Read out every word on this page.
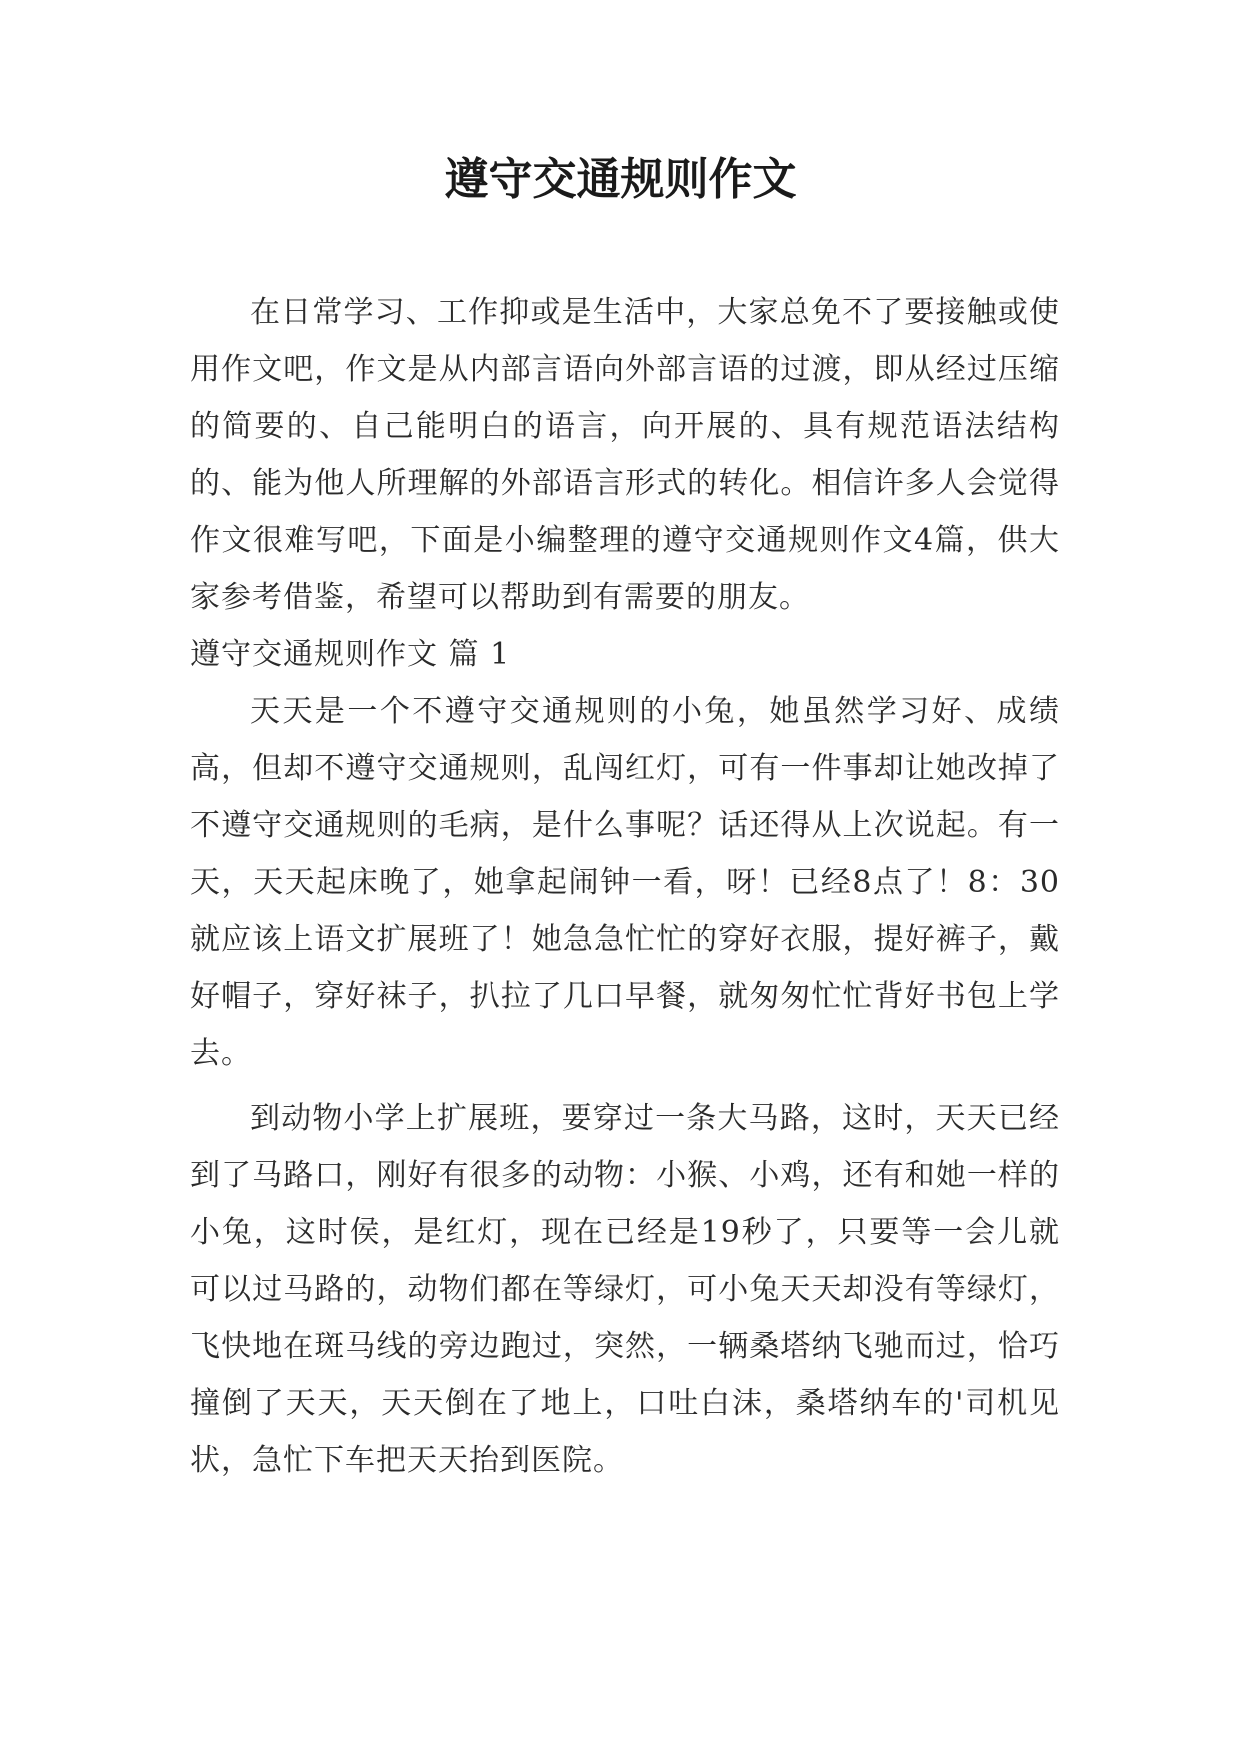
遵守交通规则作文

在日常学习、工作抑或是生活中，大家总免不了要接触或使用作文吧，作文是从内部言语向外部言语的过渡，即从经过压缩的简要的、自己能明白的语言，向开展的、具有规范语法结构的、能为他人所理解的外部语言形式的转化。相信许多人会觉得作文很难写吧，下面是小编整理的遵守交通规则作文4篇，供大家参考借鉴，希望可以帮助到有需要的朋友。

遵守交通规则作文 篇 1

天天是一个不遵守交通规则的小兔，她虽然学习好、成绩高，但却不遵守交通规则，乱闯红灯，可有一件事却让她改掉了不遵守交通规则的毛病，是什么事呢？话还得从上次说起。有一天，天天起床晚了，她拿起闹钟一看，呀！已经8点了！8：30就应该上语文扩展班了！她急急忙忙的穿好衣服，提好裤子，戴好帽子，穿好袜子，扒拉了几口早餐，就匆匆忙忙背好书包上学去。

到动物小学上扩展班，要穿过一条大马路，这时，天天已经到了马路口，刚好有很多的动物：小猴、小鸡，还有和她一样的小兔，这时侯，是红灯，现在已经是19秒了，只要等一会儿就可以过马路的，动物们都在等绿灯，可小兔天天却没有等绿灯，飞快地在斑马线的旁边跑过，突然，一辆桑塔纳飞驰而过，恰巧撞倒了天天，天天倒在了地上，口吐白沫，桑塔纳车的'司机见状，急忙下车把天天抬到医院。
